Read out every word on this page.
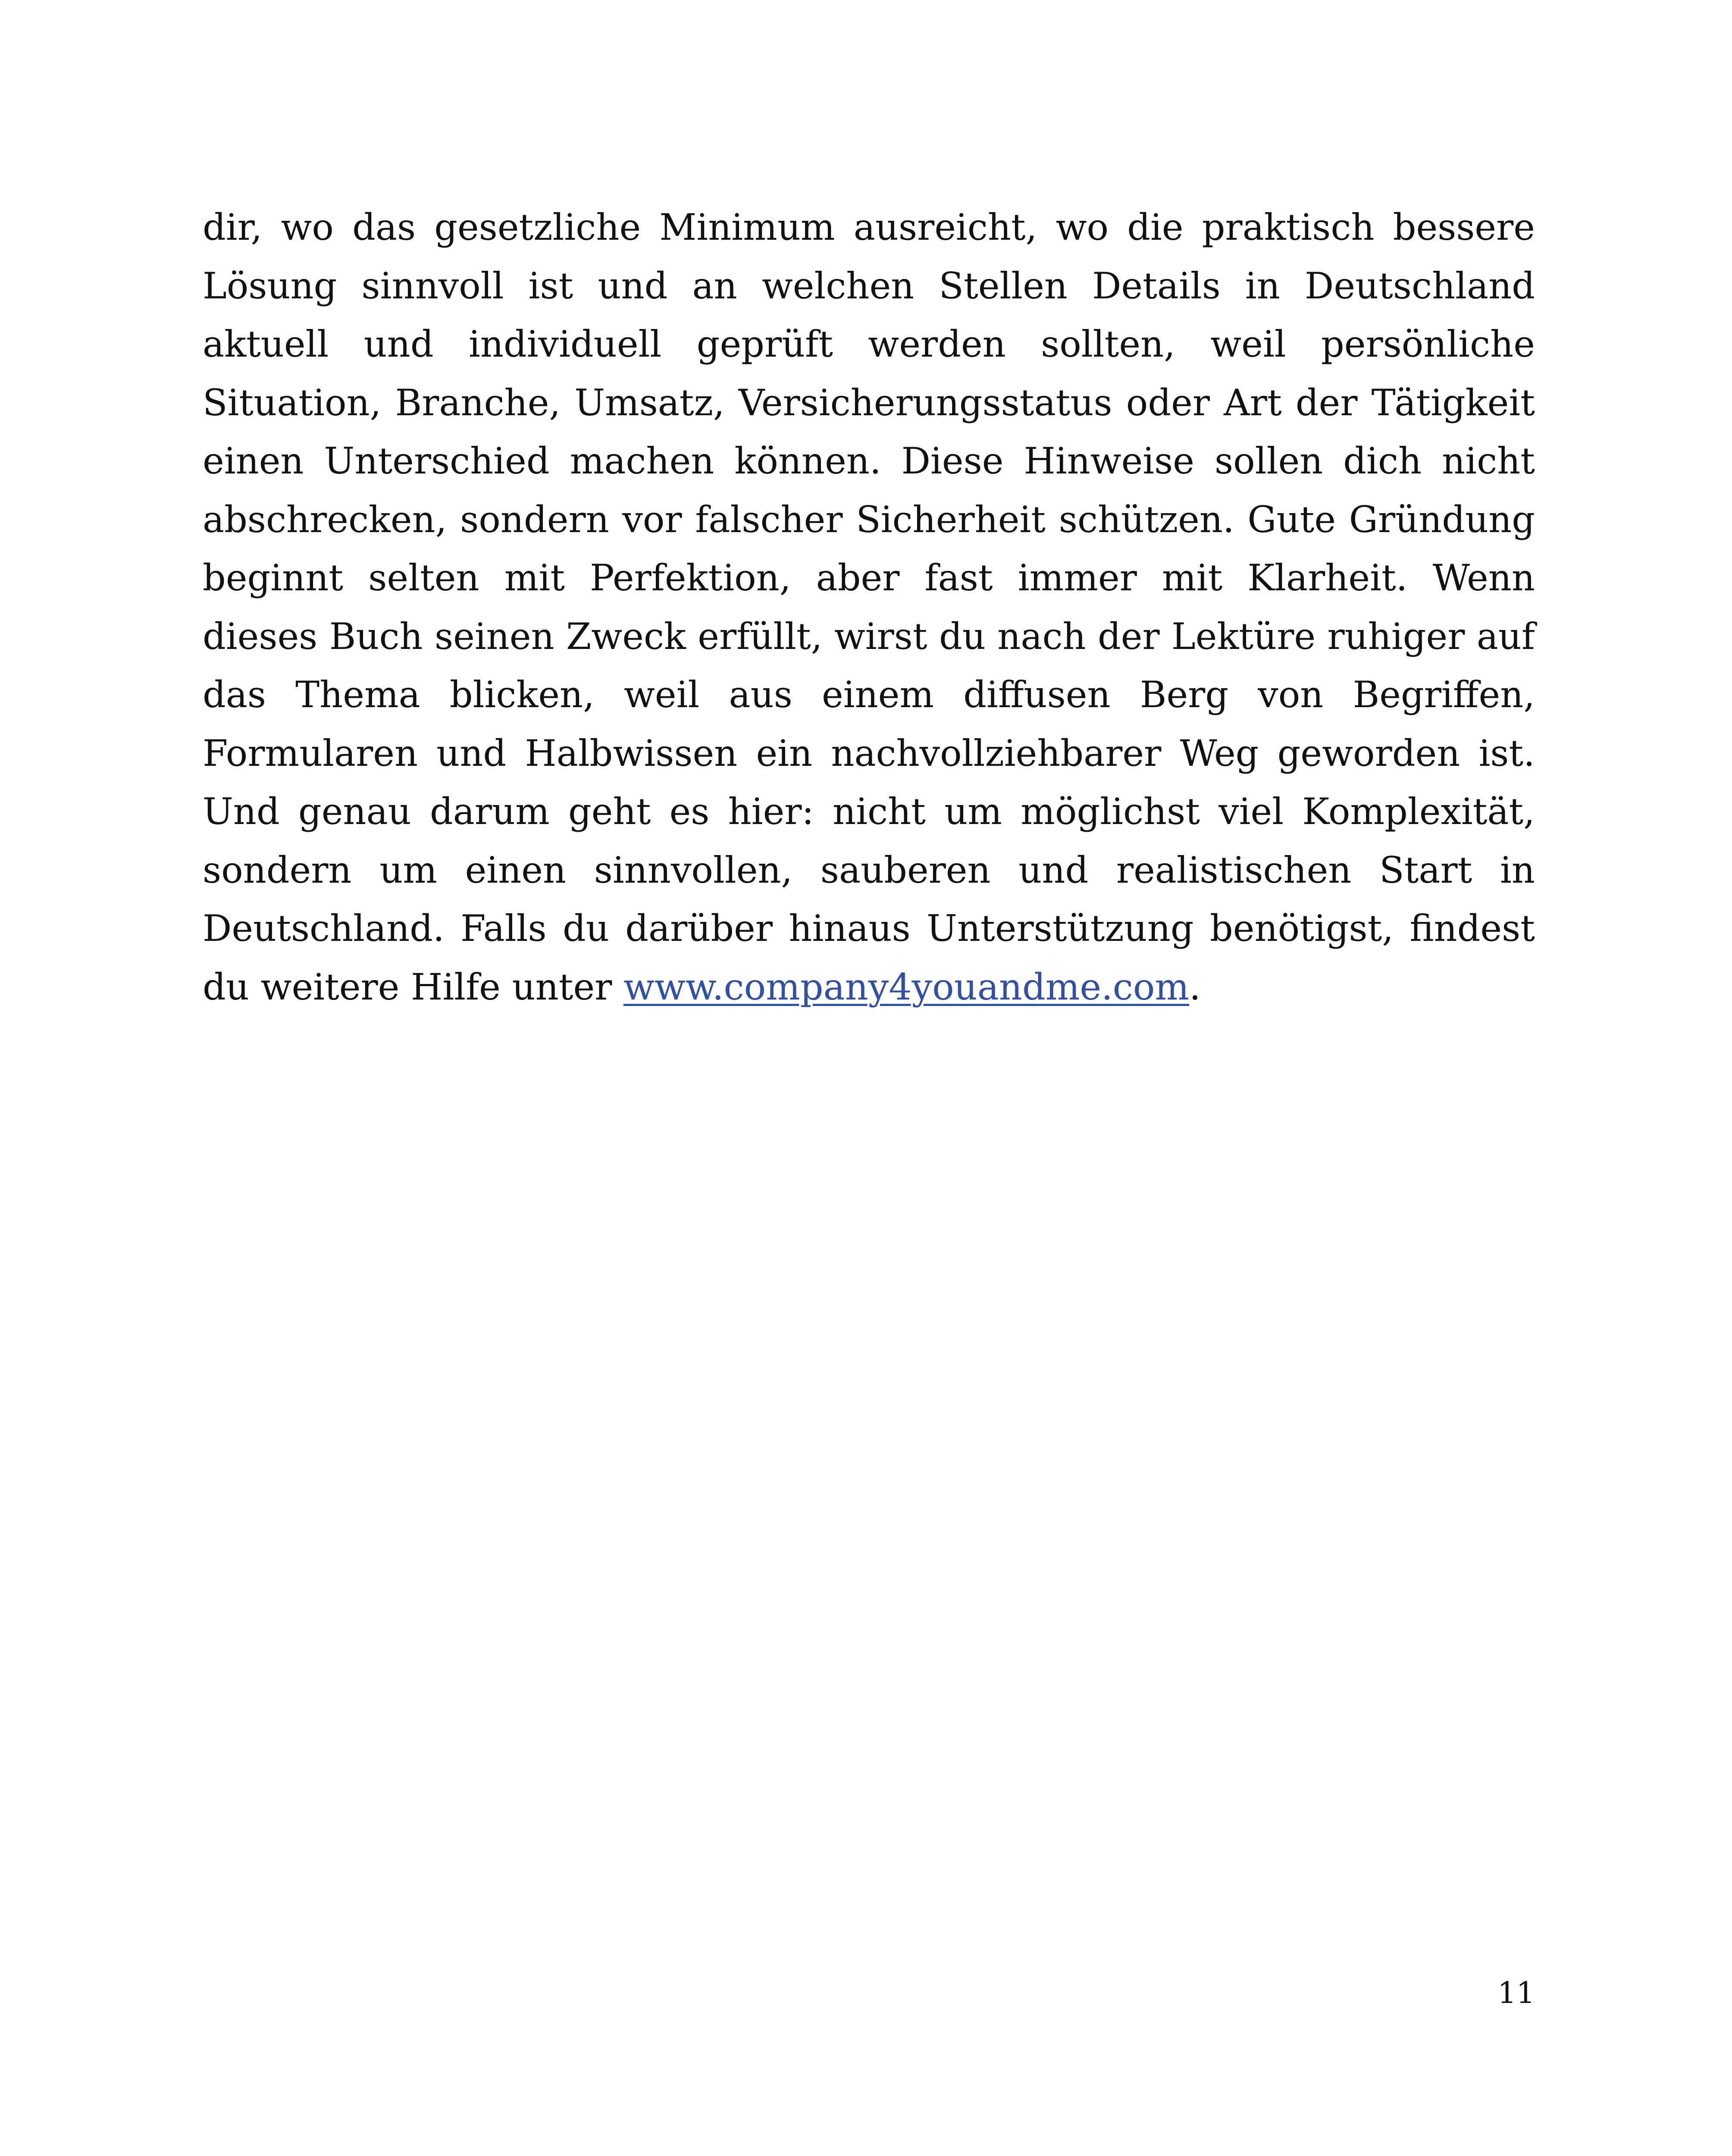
dir, wo das gesetzliche Minimum ausreicht, wo die praktisch bessere Lösung sinnvoll ist und an welchen Stellen Details in Deutschland aktuell und individuell geprüft werden sollten, weil persönliche Situation, Branche, Umsatz, Versicherungsstatus oder Art der Tätigkeit einen Unterschied machen können. Diese Hinweise sollen dich nicht abschrecken, sondern vor falscher Sicherheit schützen. Gute Gründung beginnt selten mit Perfektion, aber fast immer mit Klarheit. Wenn dieses Buch seinen Zweck erfüllt, wirst du nach der Lektüre ruhiger auf das Thema blicken, weil aus einem diffusen Berg von Begriffen, Formularen und Halbwissen ein nachvollziehbarer Weg geworden ist. Und genau darum geht es hier: nicht um möglichst viel Komplexität, sondern um einen sinnvollen, sauberen und realistischen Start in Deutschland. Falls du darüber hinaus Unterstützung benötigst, findest du weitere Hilfe unter www.company4youandme.com.

11
